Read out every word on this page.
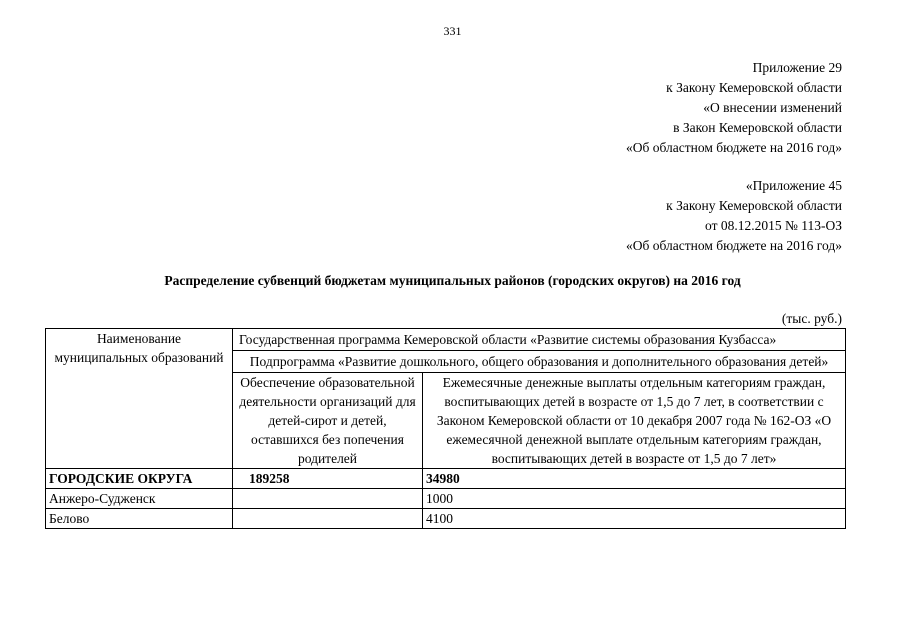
331
Приложение 29
к Закону Кемеровской области
«О внесении изменений
в Закон Кемеровской области
«Об областном бюджете на 2016 год»
«Приложение 45
к Закону Кемеровской области
от 08.12.2015 № 113-ОЗ
«Об областном бюджете на 2016 год»
Распределение субвенций бюджетам муниципальных районов (городских округов) на 2016 год
(тыс. руб.)
Наименование муниципальных образований	Государственная программа Кемеровской области «Развитие системы образования Кузбасса»	
	Подпрограмма «Развитие дошкольного, общего образования и дополнительного образования детей»	
	Обеспечение образовательной деятельности организаций для детей-сирот и детей, оставшихся без попечения родителей	Ежемесячные денежные выплаты отдельным категориям граждан, воспитывающих детей в возрасте от 1,5 до 7 лет, в соответствии с Законом Кемеровской области от 10 декабря 2007 года № 162-ОЗ «О ежемесячной денежной выплате отдельным категориям граждан, воспитывающих детей в возрасте от 1,5 до 7 лет»
ГОРОДСКИЕ ОКРУГА	189258	34980
Анжеро-Судженск		1000
Белово		4100
